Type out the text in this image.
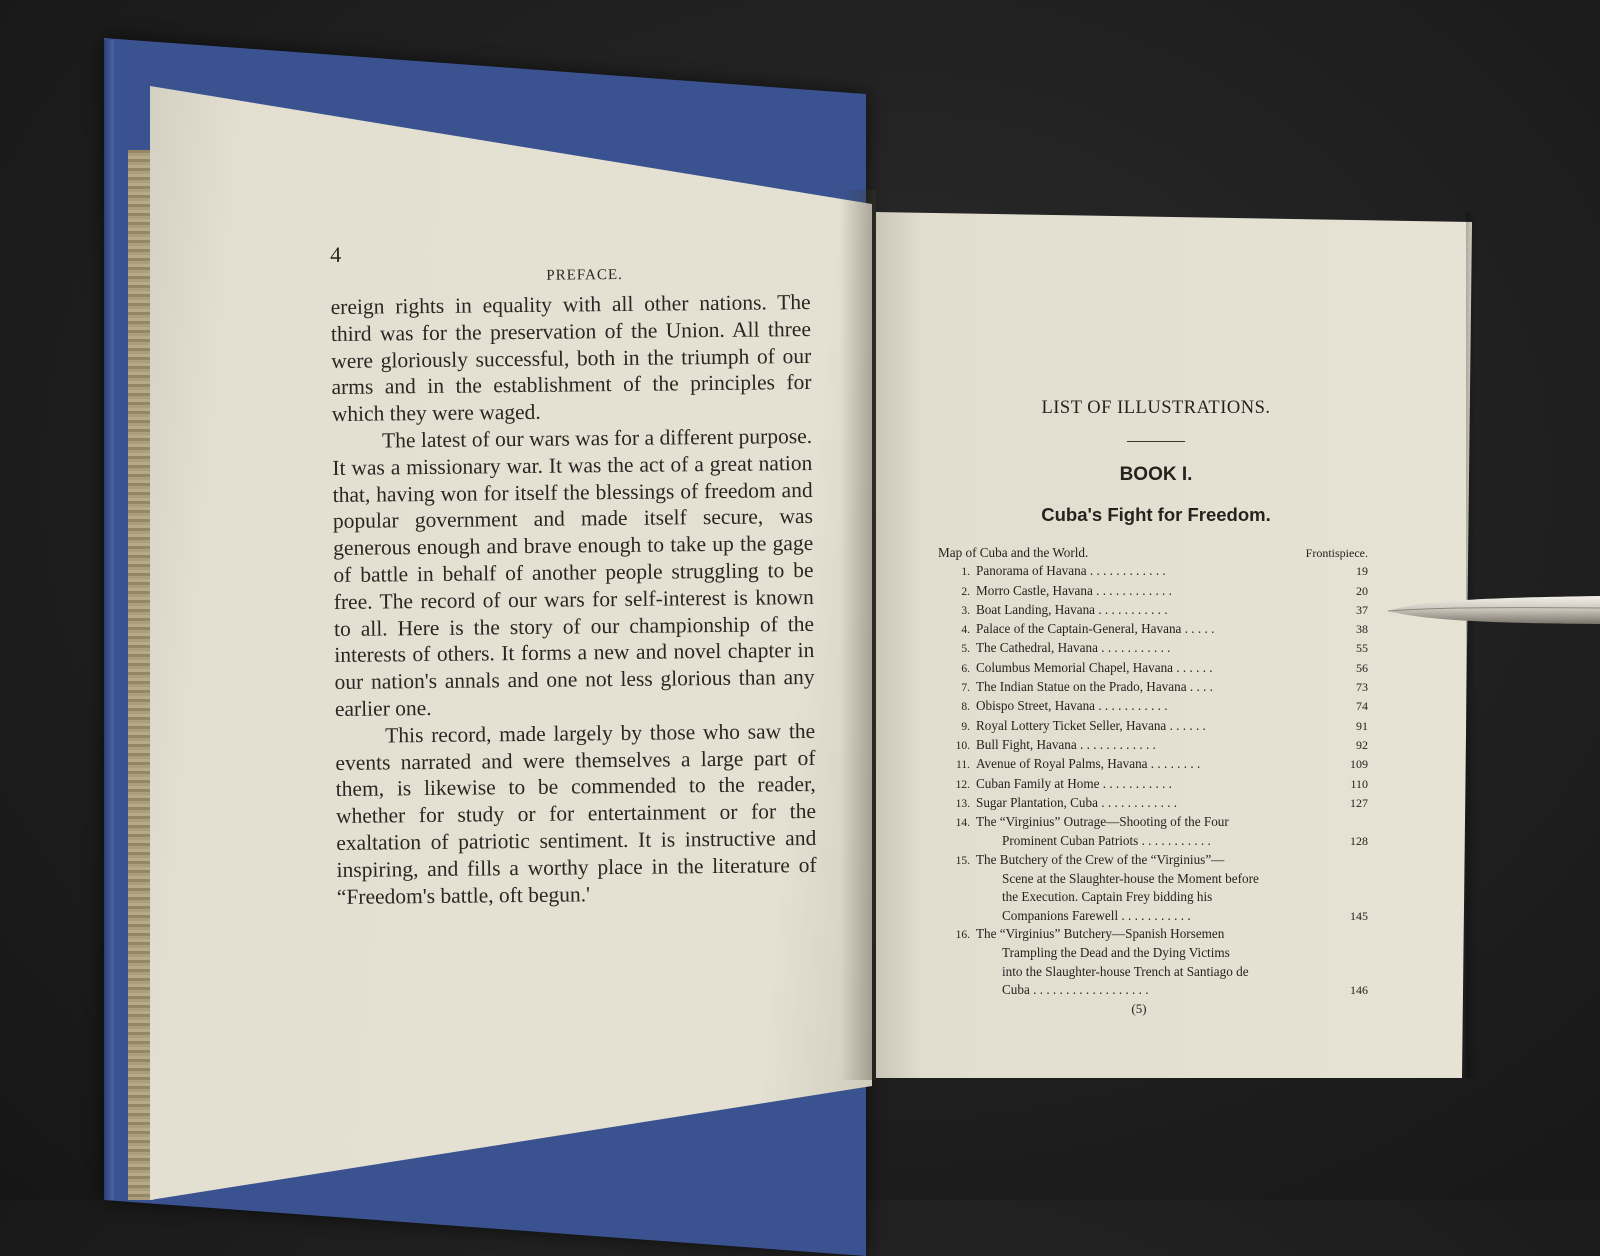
4
PREFACE.

ereign rights in equality with all other nations. The third was for the preservation of the Union. All three were gloriously successful, both in the triumph of our arms and in the establishment of the principles for which they were waged.

The latest of our wars was for a different purpose. It was a missionary war. It was the act of a great nation that, having won for itself the blessings of freedom and popular government and made itself secure, was generous enough and brave enough to take up the gage of battle in behalf of another people struggling to be free. The record of our wars for self-interest is known to all. Here is the story of our championship of the interests of others. It forms a new and novel chapter in our nation's annals and one not less glorious than any earlier one.

This record, made largely by those who saw the events narrated and were themselves a large part of them, is likewise to be commended to the reader, whether for study or for entertainment or for the exaltation of patriotic sentiment. It is instructive and inspiring, and fills a worthy place in the literature of “Freedom's battle, oft begun.'

LIST OF ILLUSTRATIONS.

BOOK I.

Cuba's Fight for Freedom.

Map of Cuba and the World.	Frontispiece.
1. Panorama of Havana . . . . . . . . . . . .	19
2. Morro Castle, Havana . . . . . . . . . . . .	20
3. Boat Landing, Havana . . . . . . . . . . .	37
4. Palace of the Captain-General, Havana . . . . .	38
5. The Cathedral, Havana . . . . . . . . . . .	55
6. Columbus Memorial Chapel, Havana . . . . . .	56
7. The Indian Statue on the Prado, Havana . . . .	73
8. Obispo Street, Havana . . . . . . . . . . .	74
9. Royal Lottery Ticket Seller, Havana . . . . . .	91
10. Bull Fight, Havana . . . . . . . . . . . .	92
11. Avenue of Royal Palms, Havana . . . . . . . .	109
12. Cuban Family at Home . . . . . . . . . . .	110
13. Sugar Plantation, Cuba . . . . . . . . . . . .	127
14. The “Virginius” Outrage—Shooting of the Four
Prominent Cuban Patriots . . . . . . . . . . .	128
15. The Butchery of the Crew of the “Virginius”—
Scene at the Slaughter-house the Moment before
the Execution. Captain Frey bidding his
Companions Farewell . . . . . . . . . . .	145
16. The “Virginius” Butchery—Spanish Horsemen
Trampling the Dead and the Dying Victims
into the Slaughter-house Trench at Santiago de
Cuba . . . . . . . . . . . . . . . . . .	146
(5)
